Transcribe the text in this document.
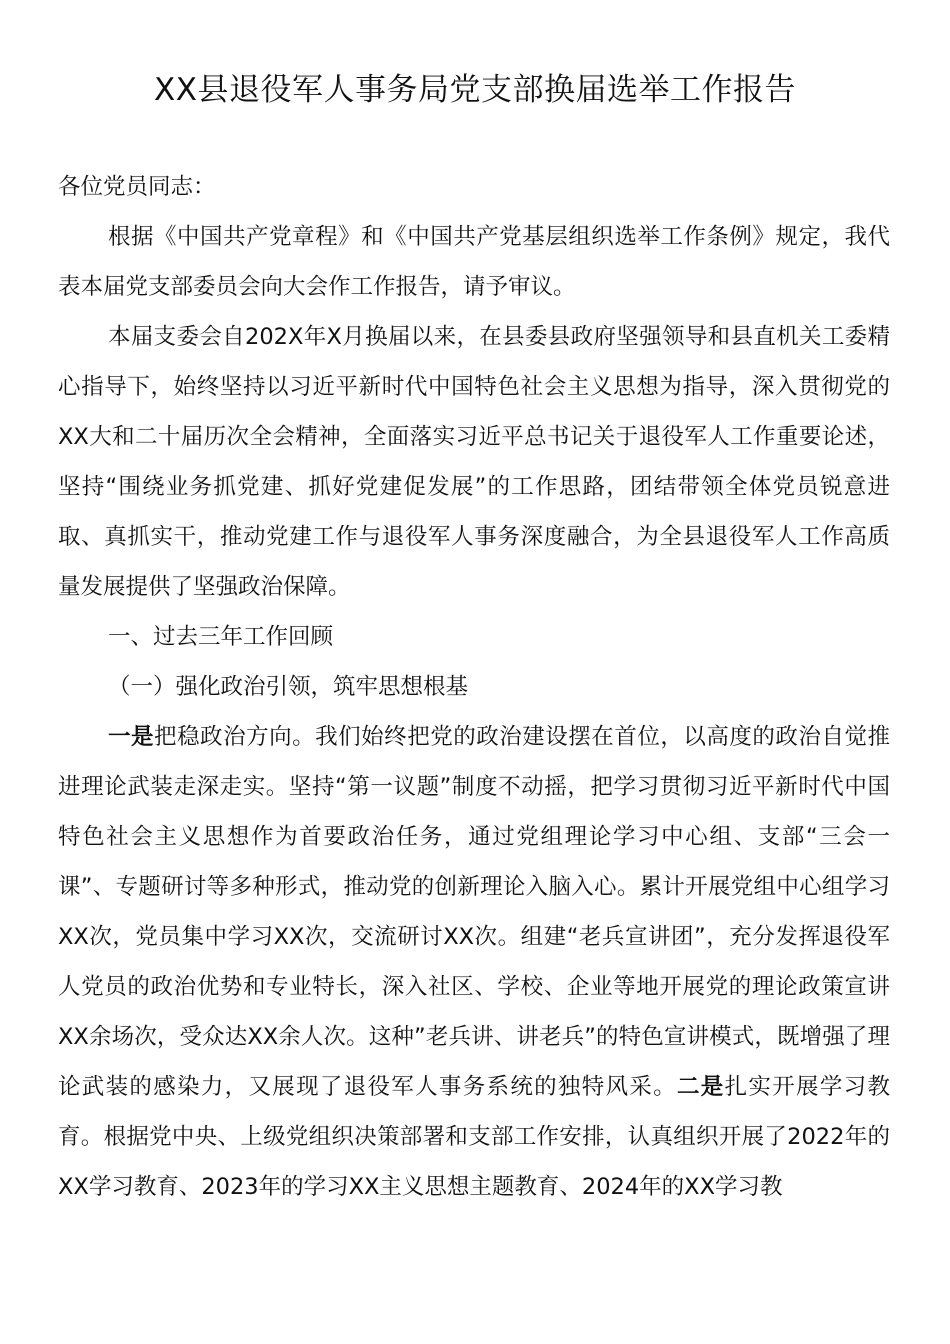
XX县退役军人事务局党支部换届选举工作报告

各位党员同志：

根据《中国共产党章程》和《中国共产党基层组织选举工作条例》规定，我代表本届党支部委员会向大会作工作报告，请予审议。

本届支委会自202X年X月换届以来，在县委县政府坚强领导和县直机关工委精心指导下，始终坚持以习近平新时代中国特色社会主义思想为指导，深入贯彻党的XX大和二十届历次全会精神，全面落实习近平总书记关于退役军人工作重要论述，坚持“围绕业务抓党建、抓好党建促发展”的工作思路，团结带领全体党员锐意进取、真抓实干，推动党建工作与退役军人事务深度融合，为全县退役军人工作高质量发展提供了坚强政治保障。

一、过去三年工作回顾

（一）强化政治引领，筑牢思想根基

一是把稳政治方向。我们始终把党的政治建设摆在首位，以高度的政治自觉推进理论武装走深走实。坚持“第一议题”制度不动摇，把学习贯彻习近平新时代中国特色社会主义思想作为首要政治任务，通过党组理论学习中心组、支部“三会一课”、专题研讨等多种形式，推动党的创新理论入脑入心。累计开展党组中心组学习XX次，党员集中学习XX次，交流研讨XX次。组建“老兵宣讲团”，充分发挥退役军人党员的政治优势和专业特长，深入社区、学校、企业等地开展党的理论政策宣讲XX余场次，受众达XX余人次。这种”老兵讲、讲老兵”的特色宣讲模式，既增强了理论武装的感染力，又展现了退役军人事务系统的独特风采。二是扎实开展学习教育。根据党中央、上级党组织决策部署和支部工作安排，认真组织开展了2022年的XX学习教育、2023年的学习XX主义思想主题教育、2024年的XX学习教
